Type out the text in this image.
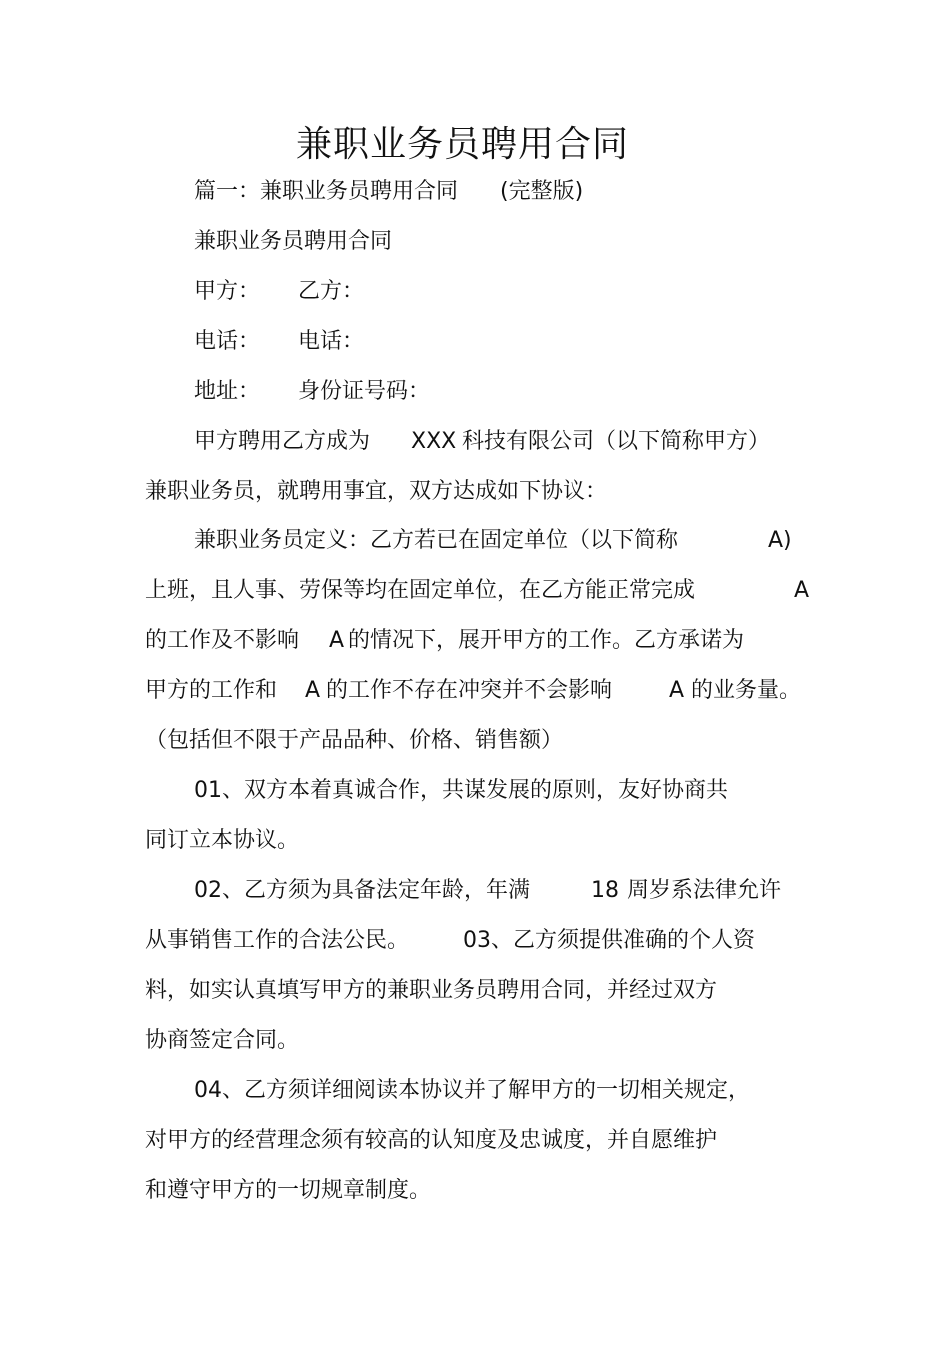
兼职业务员聘用合同
篇一：兼职业务员聘用合同 (完整版)
兼职业务员聘用合同
甲方： 乙方：
电话： 电话：
地址： 身份证号码：
甲方聘用乙方成为 XXX 科技有限公司（以下简称甲方）
兼职业务员，就聘用事宜，双方达成如下协议：
兼职业务员定义：乙方若已在固定单位（以下简称	A)
上班，且人事、劳保等均在固定单位，在乙方能正常完成	A
的工作及不影响 A 的情况下，展开甲方的工作。乙方承诺为
甲方的工作和 A 的工作不存在冲突并不会影响	A 的业务量。
（包括但不限于产品品种、价格、销售额）
01、双方本着真诚合作，共谋发展的原则，友好协商共
同订立本协议。
02、乙方须为具备法定年龄，年满	18 周岁系法律允许
从事销售工作的合法公民。 03 、乙方须提供准确的个人资
料，如实认真填写甲方的兼职业务员聘用合同，并经过双方
协商签定合同。
04、乙方须详细阅读本协议并了解甲方的一切相关规定，
对甲方的经营理念须有较高的认知度及忠诚度，并自愿维护
和遵守甲方的一切规章制度。
